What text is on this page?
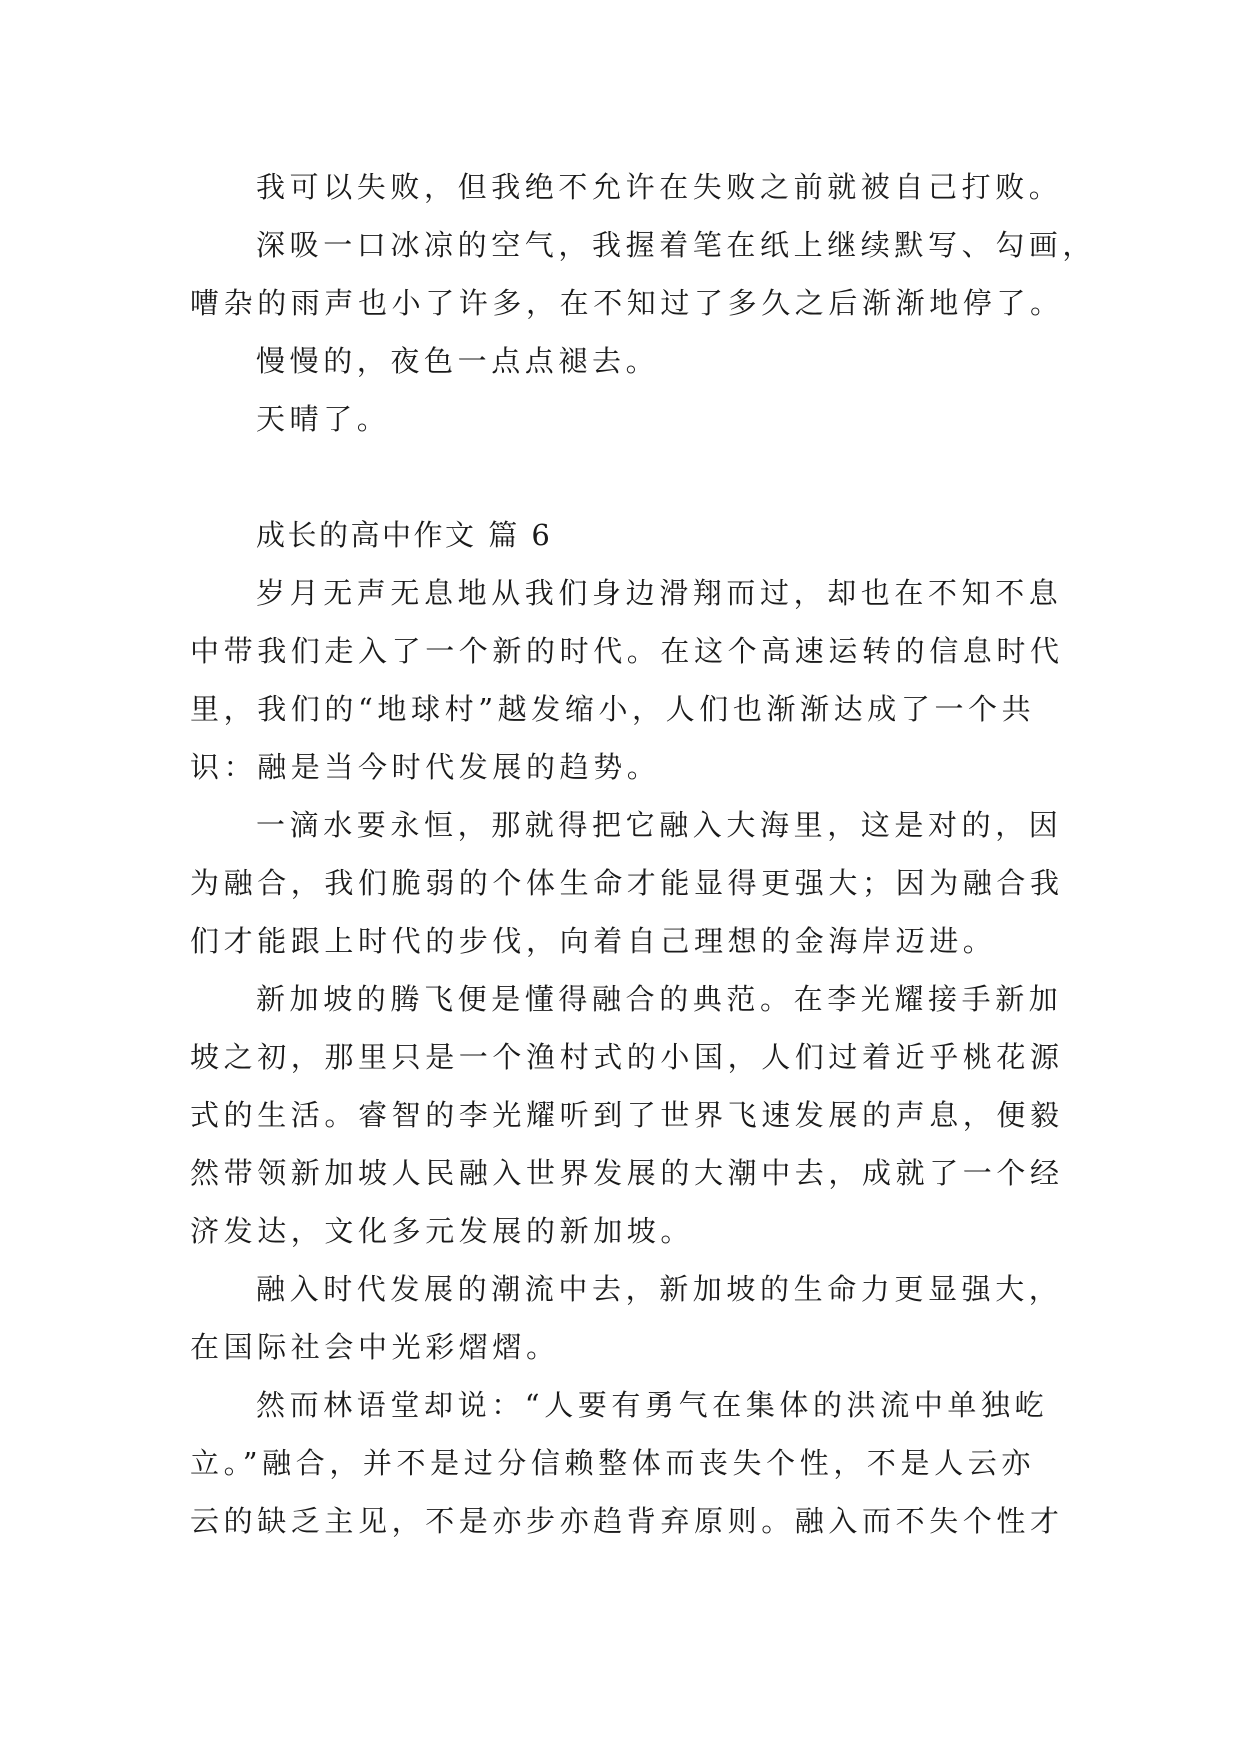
我可以失败，但我绝不允许在失败之前就被自己打败。
深吸一口冰凉的空气，我握着笔在纸上继续默写、勾画，
嘈杂的雨声也小了许多，在不知过了多久之后渐渐地停了。
慢慢的，夜色一点点褪去。
天晴了。
成长的高中作文 篇 6
岁月无声无息地从我们身边滑翔而过，却也在不知不息
中带我们走入了一个新的时代。在这个高速运转的信息时代
里，我们的“地球村”越发缩小，人们也渐渐达成了一个共
识：融是当今时代发展的趋势。
一滴水要永恒，那就得把它融入大海里，这是对的，因
为融合，我们脆弱的个体生命才能显得更强大；因为融合我
们才能跟上时代的步伐，向着自己理想的金海岸迈进。
新加坡的腾飞便是懂得融合的典范。在李光耀接手新加
坡之初，那里只是一个渔村式的小国，人们过着近乎桃花源
式的生活。睿智的李光耀听到了世界飞速发展的声息，便毅
然带领新加坡人民融入世界发展的大潮中去，成就了一个经
济发达，文化多元发展的新加坡。
融入时代发展的潮流中去，新加坡的生命力更显强大，
在国际社会中光彩熠熠。
然而林语堂却说：“人要有勇气在集体的洪流中单独屹
立。”融合，并不是过分信赖整体而丧失个性，不是人云亦
云的缺乏主见，不是亦步亦趋背弃原则。融入而不失个性才
